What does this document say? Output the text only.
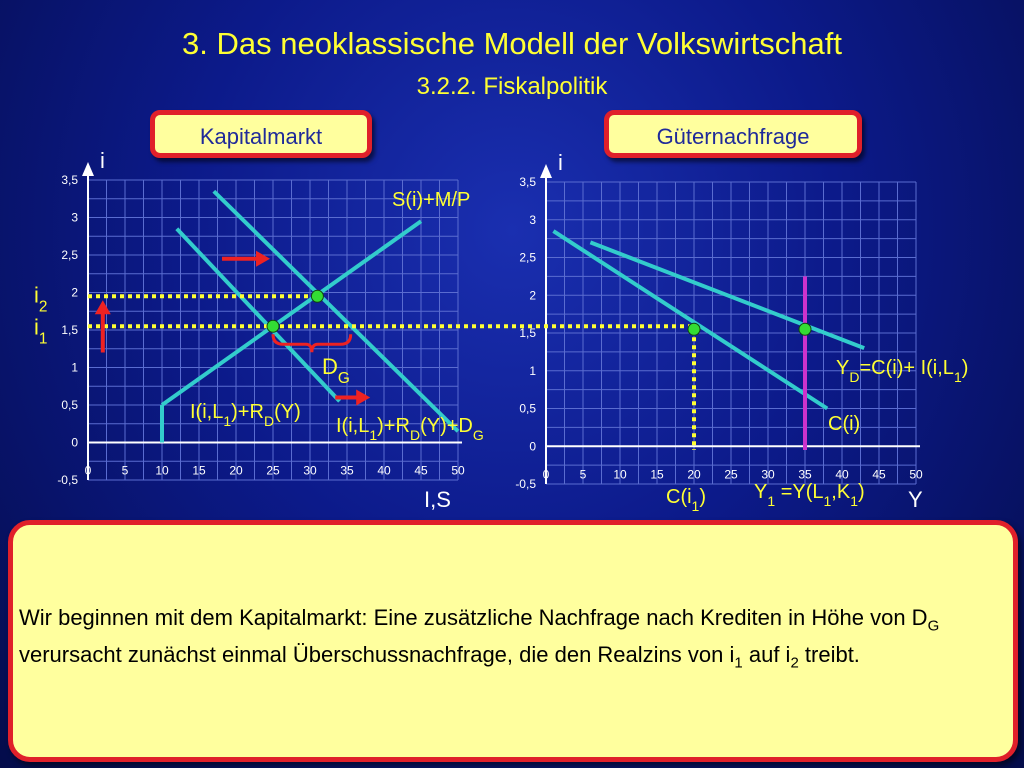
3. Das neoklassische Modell der Volkswirtschaft
3.2.2. Fiskalpolitik
Kapitalmarkt	Güternachfrage
0	5 10 15 20 25 30 35 40 45 50
3,5
3
2,5
2
1,5
1
0,5
0
-0,5
i
0	5 10 15 20 25 30 35 40 45 50
3,5
3
2,5
2
1,5
1
0,5
0
-0,5
i
$i_2$
$i_1$
$D_G$
S(i)+M/P
$I(i,L_1)+R_D(Y)$
$I(i,L_1)+R_D(Y)+D_G$
I,S
C(i)
$Y_D=C(i)+ I(i,L_1)$
$C(i_1)$ $Y_1 =Y(L_1,K_1)$ Y

Wir beginnen mit dem Kapitalmarkt: Eine zusätzliche Nachfrage nach Krediten in Höhe von $D_G$ verursacht zunächst einmal Überschussnachfrage, die den Realzins von $i_1$ auf $i_2$ treibt.
